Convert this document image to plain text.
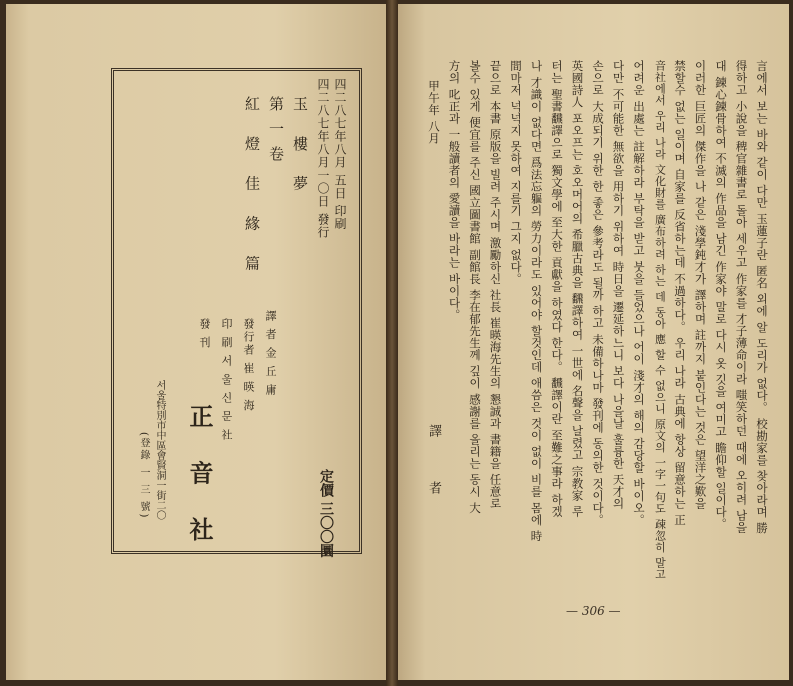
玉 樓 夢
第一卷
紅 燈 佳 緣 篇	四二八七年八月 五日 印刷
四二八七年八月一〇日 發行
譯 者 金 丘 庸
發行者 崔 暎 海
印 刷 서 울 신 문 社
發 刊
正 音 社
서울特別市中區會賢洞一街二〇
(登錄 一 三 號)	定價 三〇〇圜	言에서 보는 바와 같이 다만 玉蓮子란 匿名 외에 알 도리가 없다。 校勘家를 찾아라며 勝
得하고 小說을 稗官雜書로 돌아 세우고 作家를 才子薄命이라 嗤笑하던 때에 오히려 남을
대 鍊心鍊骨하여 不滅의 作品을 남긴 作家야 말로 다시 옷 깃을 여미고 瞻仰할 일이다。
이러한 巨匠의 傑作을 나 같은 淺學鈍才가 譯하며 註까지 붙인다는 것은 望洋之歎을
禁할수 없는 일이며 自家를 反省하는데 不過하다。 우리 나라 古典에 항상 留意하는 正
音社에서 우리 나라 文化財를 廣布하려 하는 데 동아 應 할 수 없으니 原文의 一字一句도 疎忽히 말고
어려운 出處는 註解하라 부탁을 받고 붓을 들었으나 어이 淺才의 해의 감당할 바이오。
다만 不可能한 無欲을 用하기 위하여 時日을 遷延하느니 보다 나을날 훌륭한 天才의
손으로 大成되기 위한 한 좋은 參考라도 될까 하고 未備하나마 發刊에 동의한 것이다。
英國詩人 포오프는 호오머어의 希臘古典을 飜譯하여 一世에 名聲을 날렸고 宗教家 루
터는 聖書飜譯으로 獨文學에 至大한 貢獻을 하였다 한다。 飜譯이란 至難之事라 하겠
나 才識이 없다면 爲法忘軀의 勞力이라도 있어야 할것인데 애씀은 것이 없이 비를 몸에 時
間마저 넉넉지 못하여 지를기 그지 없다。
끝으로 本書 原版을 빌려 주시며 激勵하신 社長 崔暎海先生의 懇誠과 書籍을 任意로
볼수 있게 便宜를 주신 國立圖書館 副館長 李在郁先生께 깊이 感謝를 올리는 동시 大
方의 叱正과 一般讀者의 愛讀을 바라는 바이다。
甲午年 八月
譯 者
— 306 —
